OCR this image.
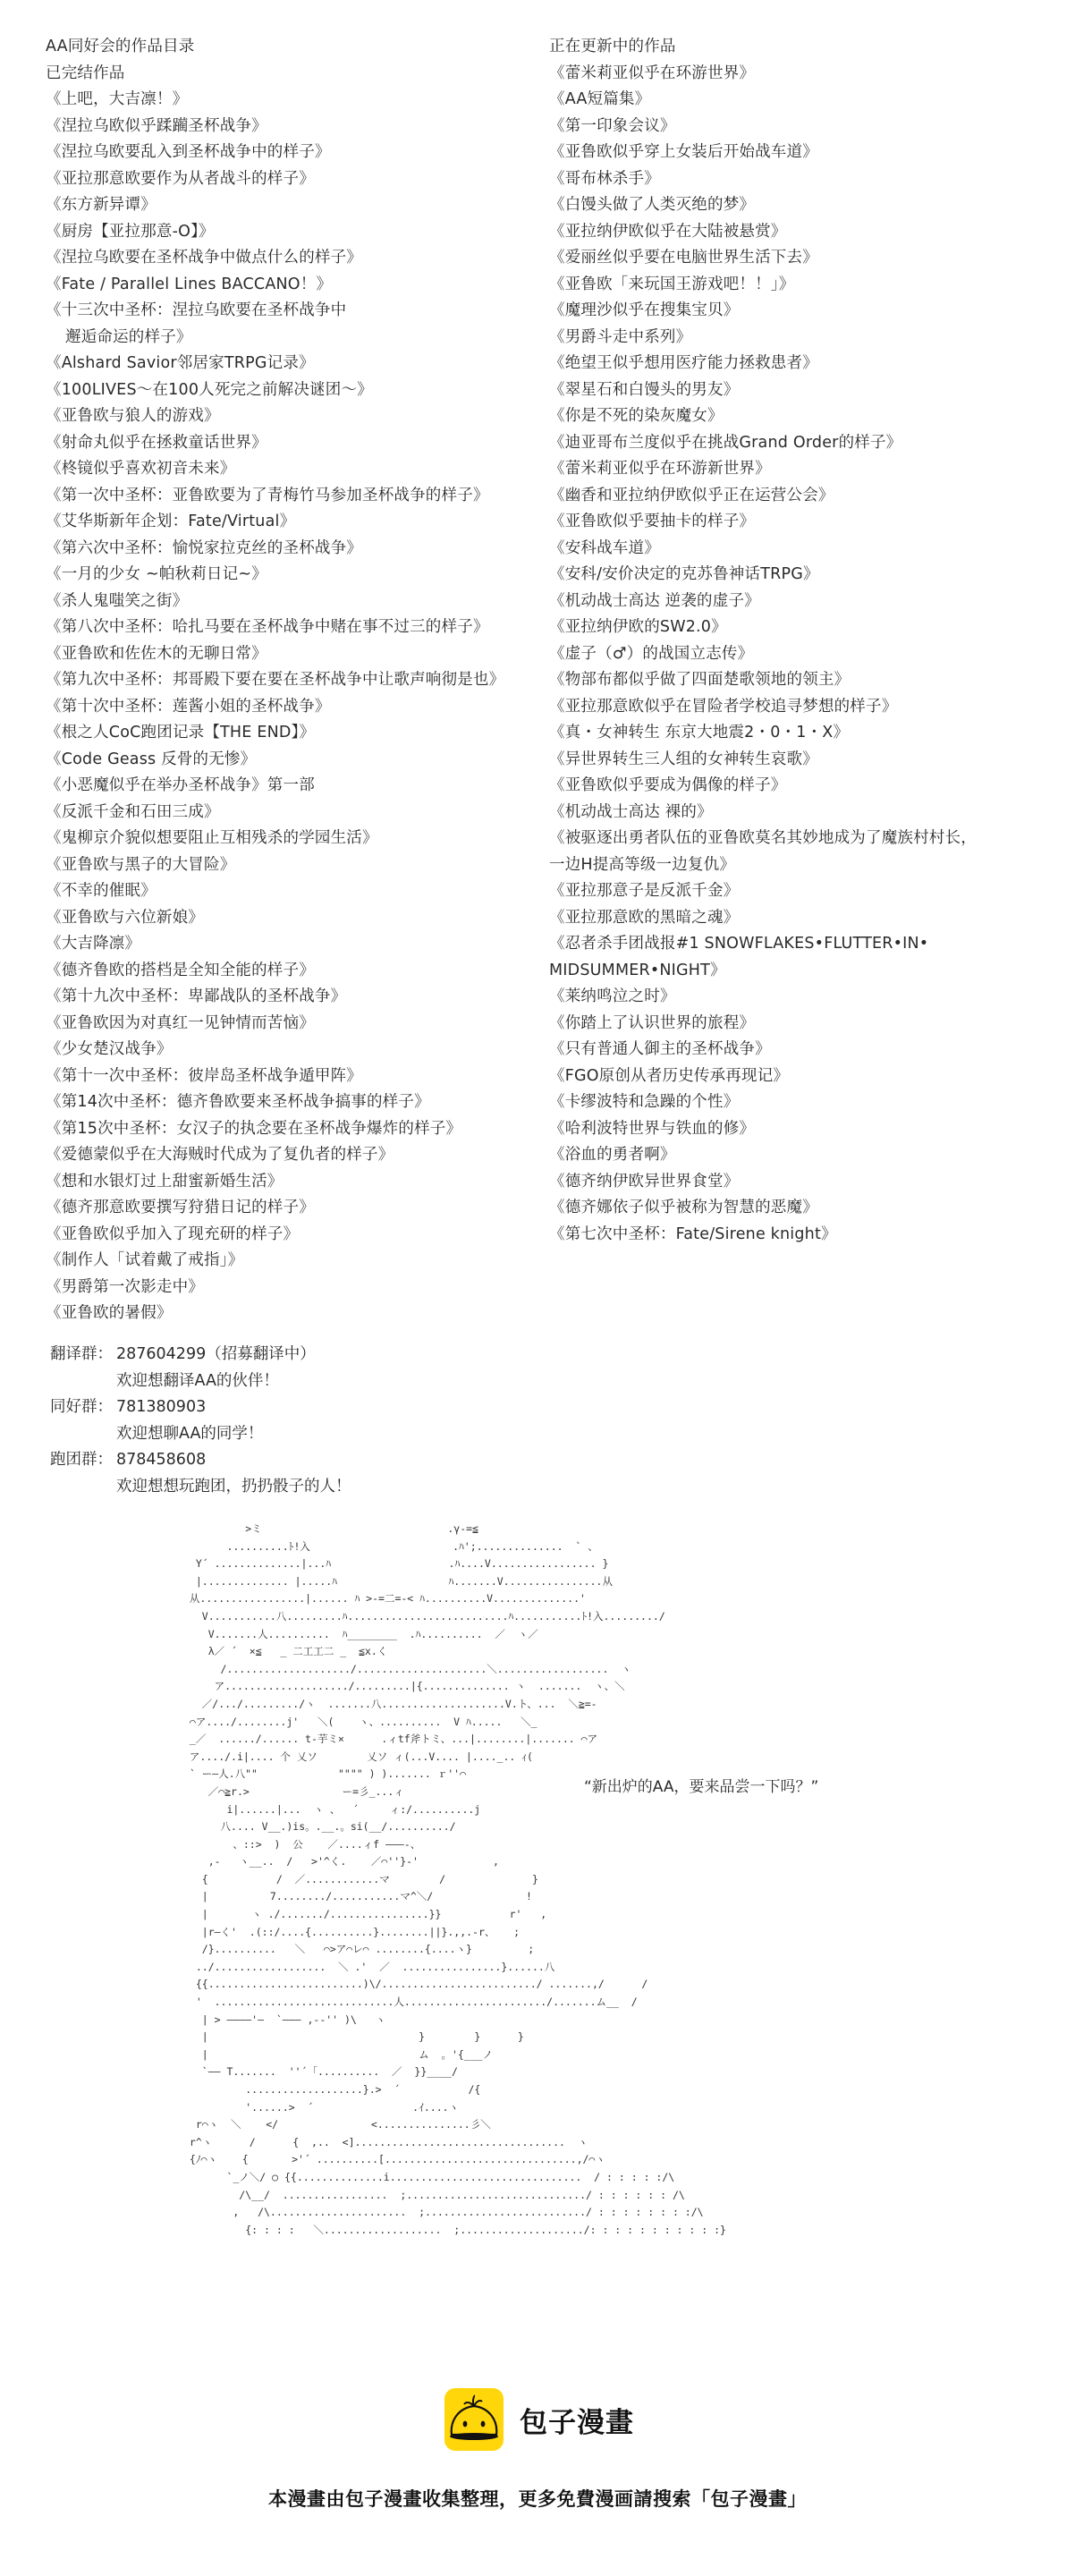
AA同好会的作品目录
已完结作品
《上吧，大吉凛！》
《涅拉乌欧似乎蹂躏圣杯战争》
《涅拉乌欧要乱入到圣杯战争中的样子》
《亚拉那意欧要作为从者战斗的样子》
《东方新异谭》
《厨房【亚拉那意-O】》
《涅拉乌欧要在圣杯战争中做点什么的样子》
《Fate / Parallel Lines BACCANO！》
《十三次中圣杯：涅拉乌欧要在圣杯战争中
邂逅命运的样子》
《Alshard Savior邻居家TRPG记录》
《100LIVES～在100人死完之前解决谜团～》
《亚鲁欧与狼人的游戏》
《射命丸似乎在拯救童话世界》
《柊镜似乎喜欢初音未来》
《第一次中圣杯：亚鲁欧要为了青梅竹马参加圣杯战争的样子》
《艾华斯新年企划：Fate/Virtual》
《第六次中圣杯：愉悦家拉克丝的圣杯战争》
《一月的少女 ~帕秋莉日记~》
《杀人鬼嗤笑之街》
《第八次中圣杯：哈扎马要在圣杯战争中赌在事不过三的样子》
《亚鲁欧和佐佐木的无聊日常》
《第九次中圣杯：邦哥殿下要在要在圣杯战争中让歌声响彻是也》
《第十次中圣杯：莲酱小姐的圣杯战争》
《根之人CoC跑团记录【THE END】》
《Code Geass 反骨的无惨》
《小恶魔似乎在举办圣杯战争》第一部
《反派千金和石田三成》
《鬼柳京介貌似想要阻止互相残杀的学园生活》
《亚鲁欧与黑子的大冒险》
《不幸的催眠》
《亚鲁欧与六位新娘》
《大吉降凛》
《德齐鲁欧的搭档是全知全能的样子》
《第十九次中圣杯：卑鄙战队的圣杯战争》
《亚鲁欧因为对真红一见钟情而苦恼》
《少女楚汉战争》
《第十一次中圣杯：彼岸岛圣杯战争遁甲阵》
《第14次中圣杯：德齐鲁欧要来圣杯战争搞事的样子》
《第15次中圣杯：女汉子的执念要在圣杯战争爆炸的样子》
《爱德蒙似乎在大海贼时代成为了复仇者的样子》
《想和水银灯过上甜蜜新婚生活》
《德齐那意欧要撰写狩猎日记的样子》
《亚鲁欧似乎加入了现充研的样子》
《制作人「试着戴了戒指」》
《男爵第一次影走中》
《亚鲁欧的暑假》
正在更新中的作品
《蕾米莉亚似乎在环游世界》
《AA短篇集》
《第一印象会议》
《亚鲁欧似乎穿上女装后开始战车道》
《哥布林杀手》
《白馒头做了人类灭绝的梦》
《亚拉纳伊欧似乎在大陆被悬赏》
《爱丽丝似乎要在电脑世界生活下去》
《亚鲁欧「来玩国王游戏吧！！」》
《魔理沙似乎在搜集宝贝》
《男爵斗走中系列》
《绝望王似乎想用医疗能力拯救患者》
《翠星石和白馒头的男友》
《你是不死的染灰魔女》
《迪亚哥布兰度似乎在挑战Grand Order的样子》
《蕾米莉亚似乎在环游新世界》
《幽香和亚拉纳伊欧似乎正在运营公会》
《亚鲁欧似乎要抽卡的样子》
《安科战车道》
《安科/安价决定的克苏鲁神话TRPG》
《机动战士高达 逆袭的虚子》
《亚拉纳伊欧的SW2.0》
《虚子（♂）的战国立志传》
《物部布都似乎做了四面楚歌领地的领主》
《亚拉那意欧似乎在冒险者学校追寻梦想的样子》
《真・女神转生 东京大地震2・0・1・X》
《异世界转生三人组的女神转生哀歌》
《亚鲁欧似乎要成为偶像的样子》
《机动战士高达 裸的》
《被驱逐出勇者队伍的亚鲁欧莫名其妙地成为了魔族村村长，
一边H提高等级一边复仇》
《亚拉那意子是反派千金》
《亚拉那意欧的黑暗之魂》
《忍者杀手团战报#1 SNOWFLAKES•FLUTTER•IN•
MIDSUMMER•NIGHT》
《莱纳鸣泣之时》
《你踏上了认识世界的旅程》
《只有普通人御主的圣杯战争》
《FGO原创从者历史传承再现记》
《卡缪波特和急躁的个性》
《哈利波特世界与铁血的修》
《浴血的勇者啊》
《德齐纳伊欧异世界食堂》
《德齐娜依子似乎被称为智慧的恶魔》
《第七次中圣杯：Fate/Sirene knight》
翻译群： 287604299（招募翻译中）
欢迎想翻译AA的伙伴！
同好群： 781380903
欢迎想聊AA的同学！
跑团群： 878458608
欢迎想想玩跑团，扔扔骰子的人！
>ミ                              .γ-=≦
..........ﾄ!入                       .ﾊ';..............  ` 、
Y´ ..............|...ﾊ                   .ﾊ....V................. }
|.............. |.....ﾊ                  ﾊ.......V................从
从.................|...... ﾊ >-=二=-< ﾊ..........V..............'
V...........八.........ﾊ..........................ﾊ...........ﾄ!入........./
V.......人..........  ﾊ________  .ﾊ..........  ／  ヽ／
λ／ ´  ×≦   _ 二工工二 _  ≦x.く
/..................../.....................＼..................  ヽ
ア..................../.........|{.............. ヽ  .......  ヽ、＼
／/.../........./ヽ  .......八....................V.ト、...  ＼≧=-
⌒ア..../........j'   ＼(    ヽ、..........  V ﾊ.....   ＼_
_／  ....../...... t-芋ミ×      .ィtf斧トミ、...|........|....... ⌒ア
ア..../.i|.... 个 乂ソ        乂ソ ィ(...V.... |...._.. ｨ(
` ー―人.八""             """" ) )....... ｒ''⌒
／⌒≧r.>               ー=彡_...ィ
i|......|...  ヽ 、  ´     ィ:/..........j
八.... V__.)is。.__.。si(__/........../
、::>  )  公    ／....ィf ―――-、
,-   ヽ__..  /   >'^く.    ／⌒''}-'            ,
{           /  ／............マ        /              }
|          7......../...........マ^＼/               !
|       ヽ ./......./................}}           r'   ,
|r―く'  .(::/....{..........}........||}.,,.-r、   ;
/}..........   ＼   ⌒>ア⌒レ⌒ ........{....ヽ}         ;
../..................  ＼ .'  ／  ................}......八
{{.........................)\/........................./ .......,/      /
'  .............................人......................./.......ム__  /
| > ――――'―  `――― ,-‐'' )\   ヽ
|                                  }        }      }
|                                  ム  。'{___ノ
`―― T.......  ''´「..........  ／  }}____/
...................}.>  ´           /{
'......>  ´                .ｲ....ヽ
r⌒ヽ  ＼    </               <...............彡＼
r^ヽ      /      {  ,..  <]..................................  ヽ
{ﾉ⌒ヽ    {       >'´ ..........[...............................,/⌒ヽ
`_ノ＼/ ○ {{..............i...............................  / : : : : :/\
/\__/  .................  ;............................./ : : : : : : /\
,   /\......................  ;........................../ : : : : : : : :/\
{: : : :   ＼...................  ;..................../: : : : : : : : : : :}
“新出炉的AA，要来品尝一下吗？”
包子漫畫
本漫畫由包子漫畫收集整理，更多免費漫画請搜索「包子漫畫」
